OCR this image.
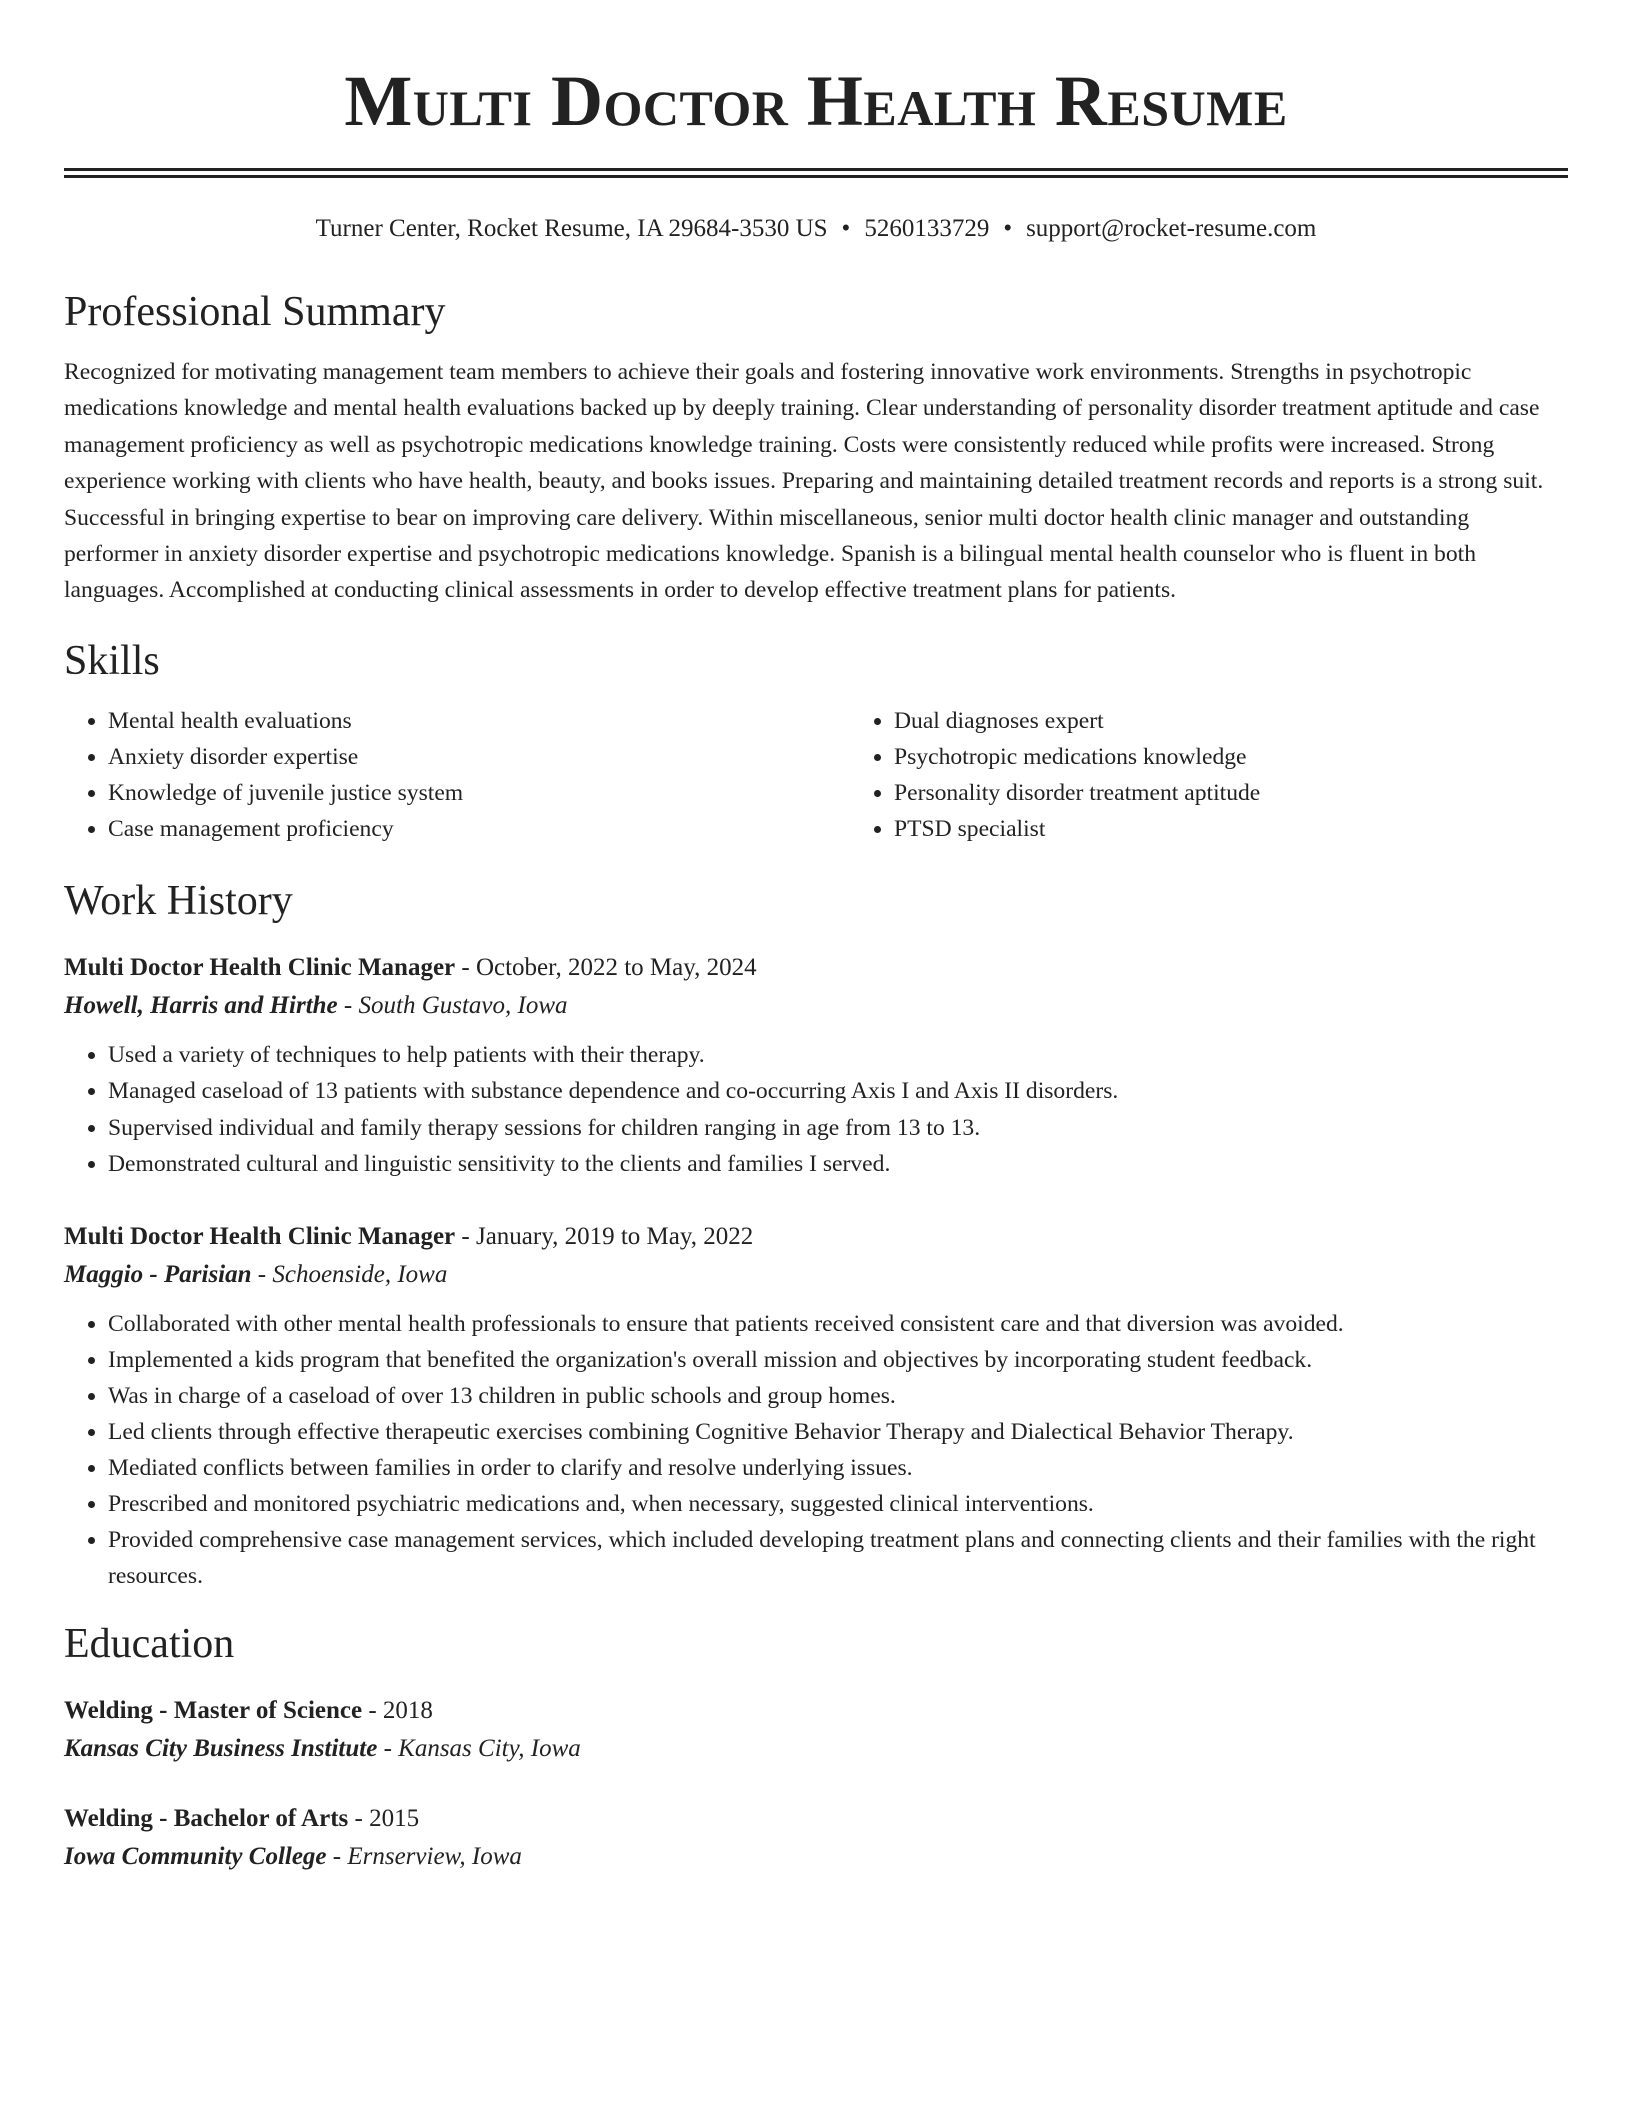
Multi Doctor Health Resume
Turner Center, Rocket Resume, IA 29684-3530 US • 5260133729 • support@rocket-resume.com
Professional Summary

Recognized for motivating management team members to achieve their goals and fostering innovative work environments. Strengths in psychotropic medications knowledge and mental health evaluations backed up by deeply training. Clear understanding of personality disorder treatment aptitude and case management proficiency as well as psychotropic medications knowledge training. Costs were consistently reduced while profits were increased. Strong experience working with clients who have health, beauty, and books issues. Preparing and maintaining detailed treatment records and reports is a strong suit. Successful in bringing expertise to bear on improving care delivery. Within miscellaneous, senior multi doctor health clinic manager and outstanding performer in anxiety disorder expertise and psychotropic medications knowledge. Spanish is a bilingual mental health counselor who is fluent in both languages. Accomplished at conducting clinical assessments in order to develop effective treatment plans for patients.

Skills
• Mental health evaluations
• Anxiety disorder expertise
• Knowledge of juvenile justice system
• Case management proficiency
• Dual diagnoses expert
• Psychotropic medications knowledge
• Personality disorder treatment aptitude
• PTSD specialist
Work History
Multi Doctor Health Clinic Manager - October, 2022 to May, 2024
Howell, Harris and Hirthe - South Gustavo, Iowa
• Used a variety of techniques to help patients with their therapy.
• Managed caseload of 13 patients with substance dependence and co-occurring Axis I and Axis II disorders.
• Supervised individual and family therapy sessions for children ranging in age from 13 to 13.
• Demonstrated cultural and linguistic sensitivity to the clients and families I served.
Multi Doctor Health Clinic Manager - January, 2019 to May, 2022
Maggio - Parisian - Schoenside, Iowa
• Collaborated with other mental health professionals to ensure that patients received consistent care and that diversion was avoided.
• Implemented a kids program that benefited the organization's overall mission and objectives by incorporating student feedback.
• Was in charge of a caseload of over 13 children in public schools and group homes.
• Led clients through effective therapeutic exercises combining Cognitive Behavior Therapy and Dialectical Behavior Therapy.
• Mediated conflicts between families in order to clarify and resolve underlying issues.
• Prescribed and monitored psychiatric medications and, when necessary, suggested clinical interventions.
• Provided comprehensive case management services, which included developing treatment plans and connecting clients and their families with the right resources.
Education
Welding - Master of Science - 2018
Kansas City Business Institute - Kansas City, Iowa
Welding - Bachelor of Arts - 2015
Iowa Community College - Ernserview, Iowa
